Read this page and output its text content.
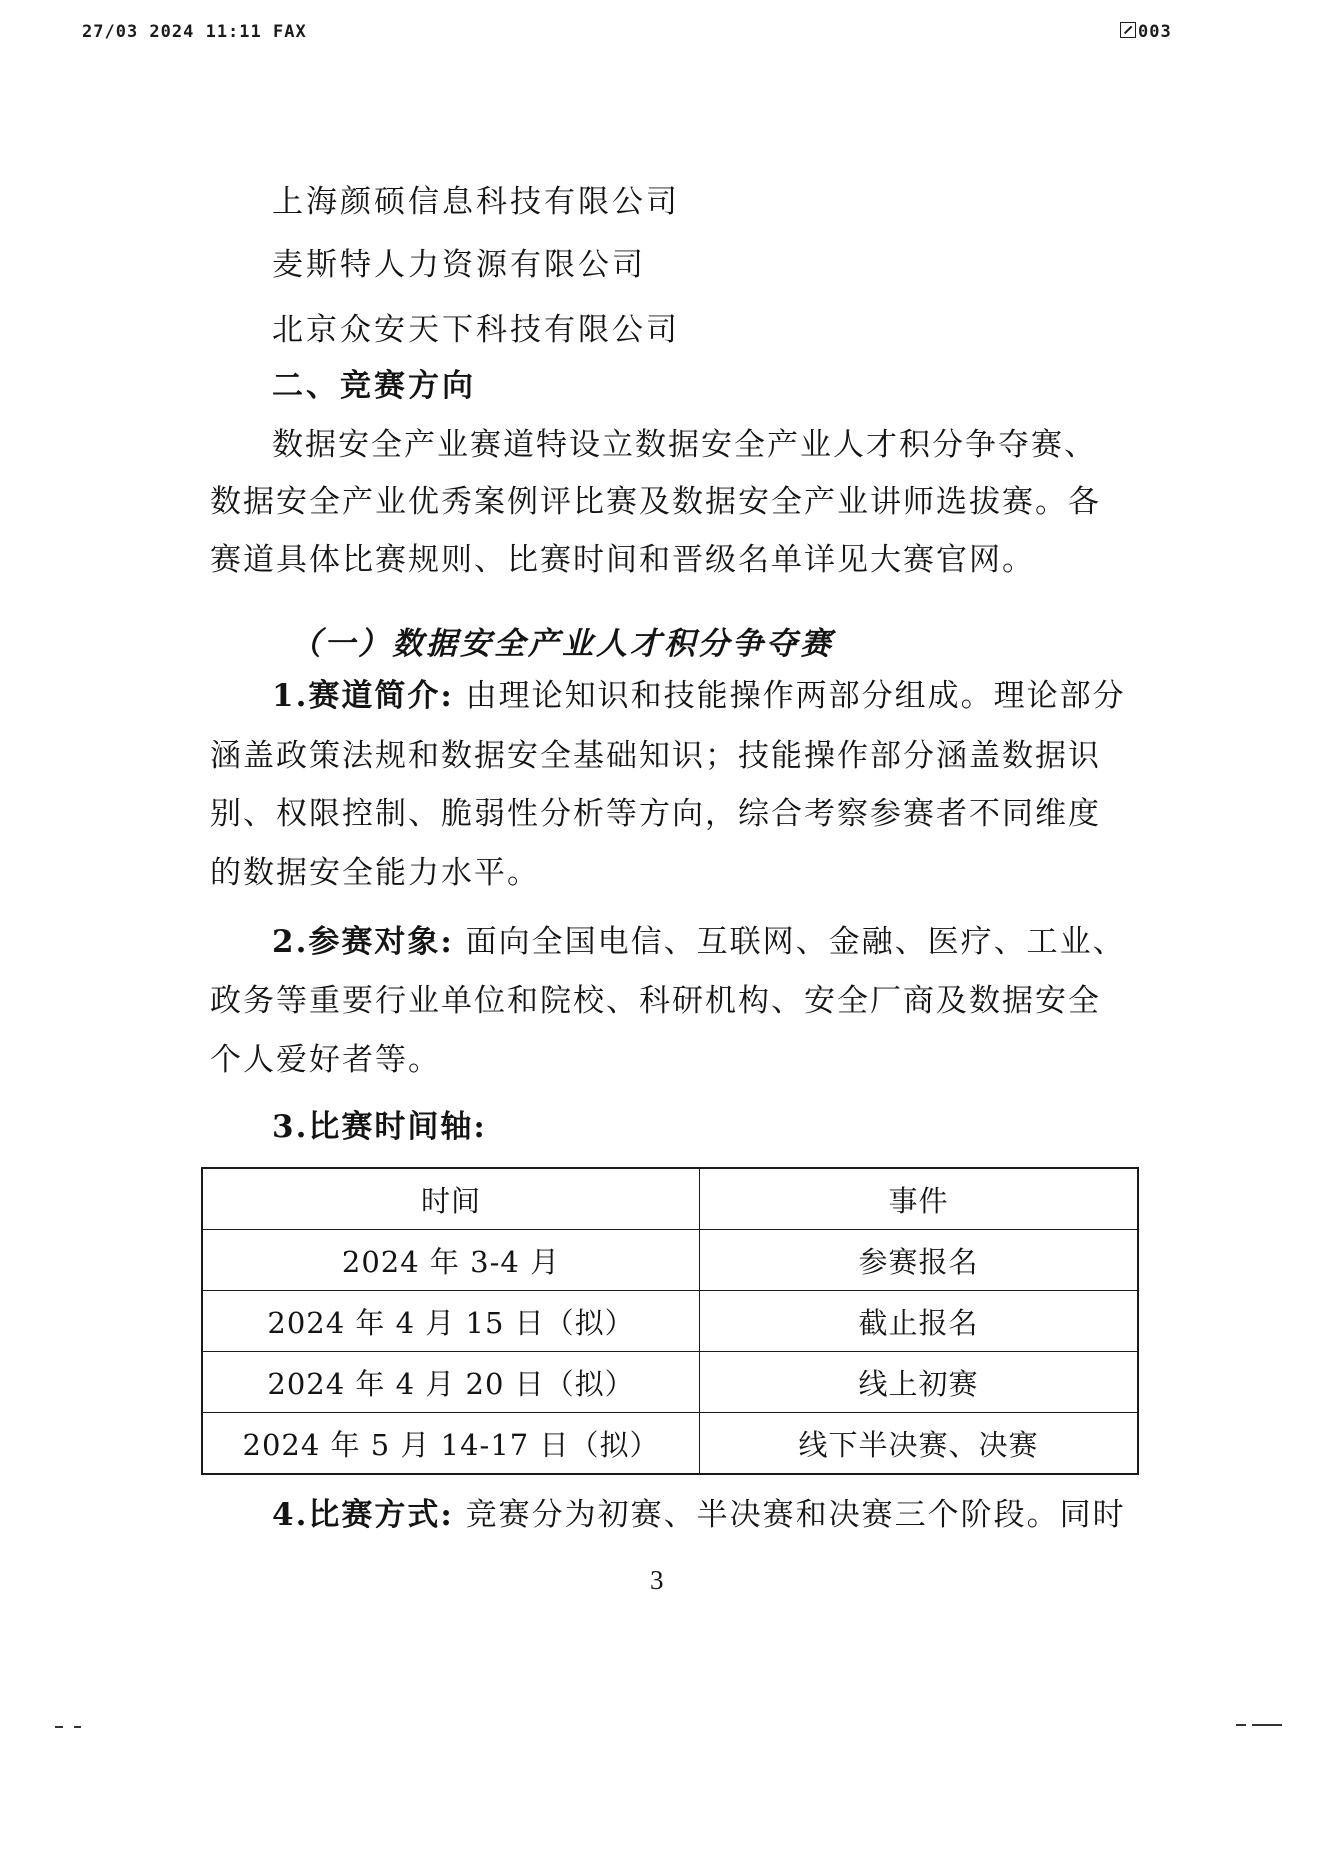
27/03 2024 11:11 FAX	003
上海颜硕信息科技有限公司
麦斯特人力资源有限公司
北京众安天下科技有限公司
二、竞赛方向
数据安全产业赛道特设立数据安全产业人才积分争夺赛、
数据安全产业优秀案例评比赛及数据安全产业讲师选拔赛。各
赛道具体比赛规则、比赛时间和晋级名单详见大赛官网。
（一）数据安全产业人才积分争夺赛
1.赛道简介: 由理论知识和技能操作两部分组成。理论部分
涵盖政策法规和数据安全基础知识；技能操作部分涵盖数据识
别、权限控制、脆弱性分析等方向，综合考察参赛者不同维度
的数据安全能力水平。
2.参赛对象: 面向全国电信、互联网、金融、医疗、工业、
政务等重要行业单位和院校、科研机构、安全厂商及数据安全
个人爱好者等。
3.比赛时间轴:
时间	事件
2024 年 3-4 月	参赛报名
2024 年 4 月 15 日（拟）	截止报名
2024 年 4 月 20 日（拟）	线上初赛
2024 年 5 月 14-17 日（拟）	线下半决赛、决赛
4.比赛方式: 竞赛分为初赛、半决赛和决赛三个阶段。同时
3
